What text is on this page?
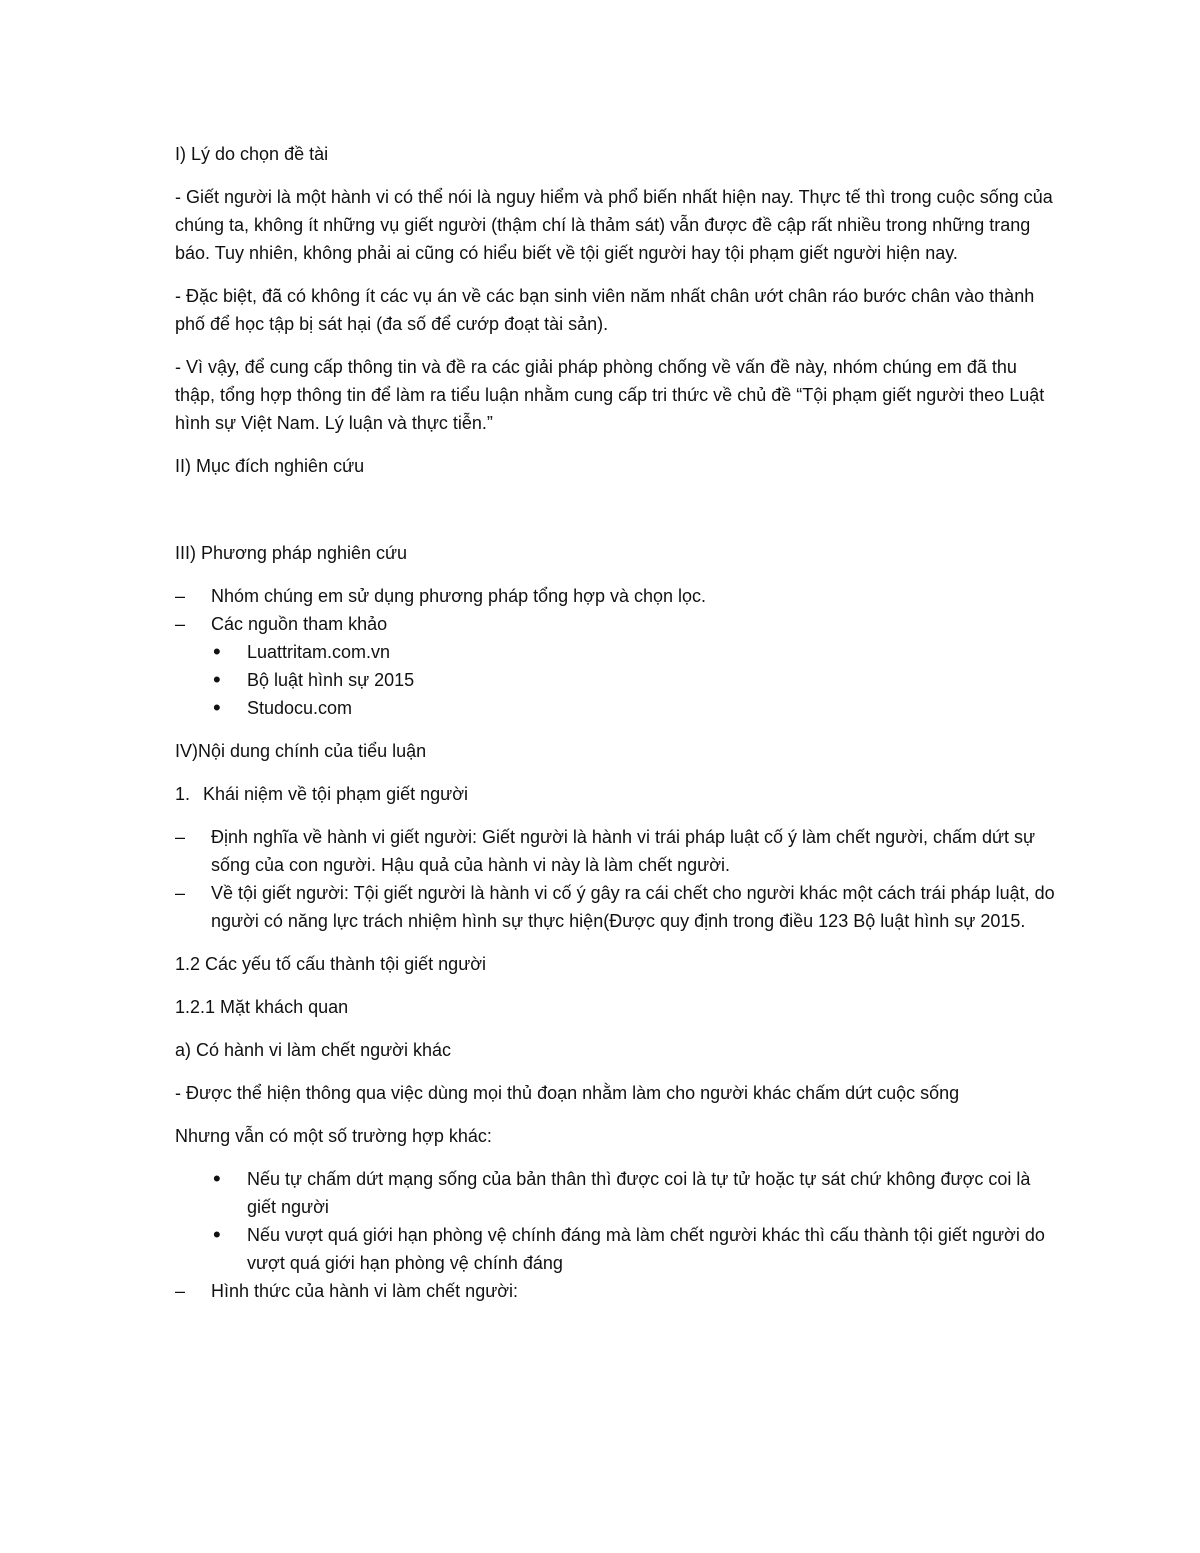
I) Lý do chọn đề tài

- Giết người là một hành vi có thể nói là nguy hiểm và phổ biến nhất hiện nay. Thực tế thì trong cuộc sống của chúng ta, không ít những vụ giết người (thậm chí là thảm sát) vẫn được đề cập rất nhiều trong những trang báo. Tuy nhiên, không phải ai cũng có hiểu biết về tội giết người hay tội phạm giết người hiện nay.

- Đặc biệt, đã có không ít các vụ án về các bạn sinh viên năm nhất chân ướt chân ráo bước chân vào thành phố để học tập bị sát hại (đa số để cướp đoạt tài sản).

- Vì vậy, để cung cấp thông tin và đề ra các giải pháp phòng chống về vấn đề này, nhóm chúng em đã thu thập, tổng hợp thông tin để làm ra tiểu luận nhằm cung cấp tri thức về chủ đề “Tội phạm giết người theo Luật hình sự Việt Nam. Lý luận và thực tiễn.”

II) Mục đích nghiên cứu

III) Phương pháp nghiên cứu

– Nhóm chúng em sử dụng phương pháp tổng hợp và chọn lọc.
– Các nguồn tham khảo
• Luattritam.com.vn
• Bộ luật hình sự 2015
• Studocu.com

IV)Nội dung chính của tiểu luận

1. Khái niệm về tội phạm giết người

– Định nghĩa về hành vi giết người: Giết người là hành vi trái pháp luật cố ý làm chết người, chấm dứt sự sống của con người. Hậu quả của hành vi này là làm chết người.
– Về tội giết người: Tội giết người là hành vi cố ý gây ra cái chết cho người khác một cách trái pháp luật, do người có năng lực trách nhiệm hình sự thực hiện(Được quy định trong điều 123 Bộ luật hình sự 2015.

1.2 Các yếu tố cấu thành tội giết người

1.2.1 Mặt khách quan

a) Có hành vi làm chết người khác

- Được thể hiện thông qua việc dùng mọi thủ đoạn nhằm làm cho người khác chấm dứt cuộc sống

Nhưng vẫn có một số trường hợp khác:

• Nếu tự chấm dứt mạng sống của bản thân thì được coi là tự tử hoặc tự sát chứ không được coi là giết người
• Nếu vượt quá giới hạn phòng vệ chính đáng mà làm chết người khác thì cấu thành tội giết người do vượt quá giới hạn phòng vệ chính đáng
– Hình thức của hành vi làm chết người:
